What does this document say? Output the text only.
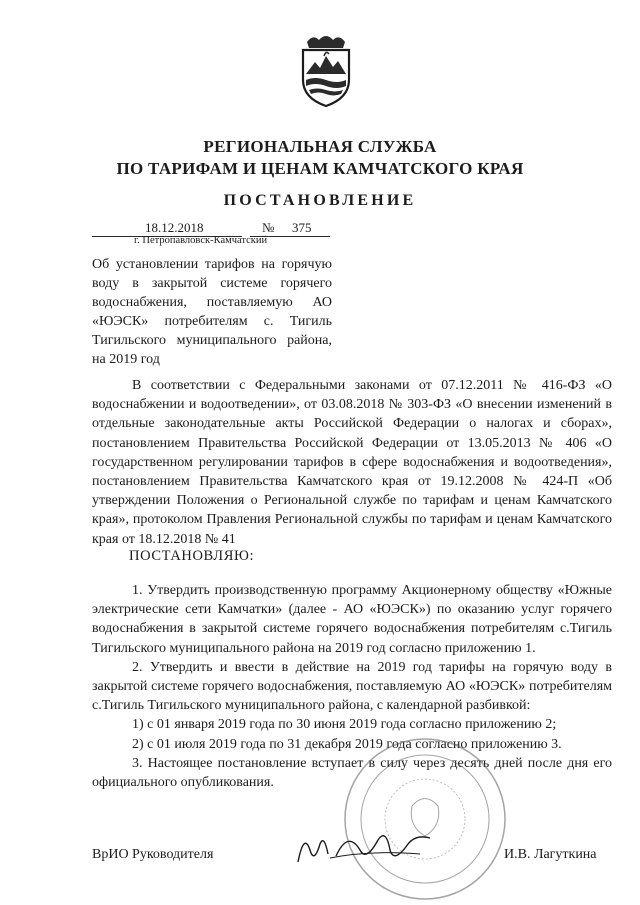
РЕГИОНАЛЬНАЯ СЛУЖБА
ПО ТАРИФАМ И ЦЕНАМ КАМЧАТСКОГО КРАЯ
ПОСТАНОВЛЕНИЕ
18.12.2018	№ 375
г. Петропавловск-Камчатский
Об установлении тарифов на горячую воду в закрытой системе горячего водоснабжения, поставляемую АО «ЮЭСК» потребителям с. Тигиль Тигильского муниципального района, на 2019 год
В соответствии с Федеральными законами от 07.12.2011 № 416-ФЗ «О водоснабжении и водоотведении», от 03.08.2018 № 303-ФЗ «О внесении изменений в отдельные законодательные акты Российской Федерации о налогах и сборах», постановлением Правительства Российской Федерации от 13.05.2013 № 406 «О государственном регулировании тарифов в сфере водоснабжения и водоотведения», постановлением Правительства Камчатского края от 19.12.2008 № 424-П «Об утверждении Положения о Региональной службе по тарифам и ценам Камчатского края», протоколом Правления Региональной службы по тарифам и ценам Камчатского края от 18.12.2018 № 41
ПОСТАНОВЛЯЮ:

1. Утвердить производственную программу Акционерному обществу «Южные электрические сети Камчатки» (далее - АО «ЮЭСК») по оказанию услуг горячего водоснабжения в закрытой системе горячего водоснабжения потребителям с.Тигиль Тигильского муниципального района на 2019 год согласно приложению 1.

2. Утвердить и ввести в действие на 2019 год тарифы на горячую воду в закрытой системе горячего водоснабжения, поставляемую АО «ЮЭСК» потребителям с.Тигиль Тигильского муниципального района, с календарной разбивкой:

1) с 01 января 2019 года по 30 июня 2019 года согласно приложению 2;

2) с 01 июля 2019 года по 31 декабря 2019 года согласно приложению 3.

3. Настоящее постановление вступает в силу через десять дней после дня его официального опубликования.

ВрИО Руководителя	И.В. Лагуткина
